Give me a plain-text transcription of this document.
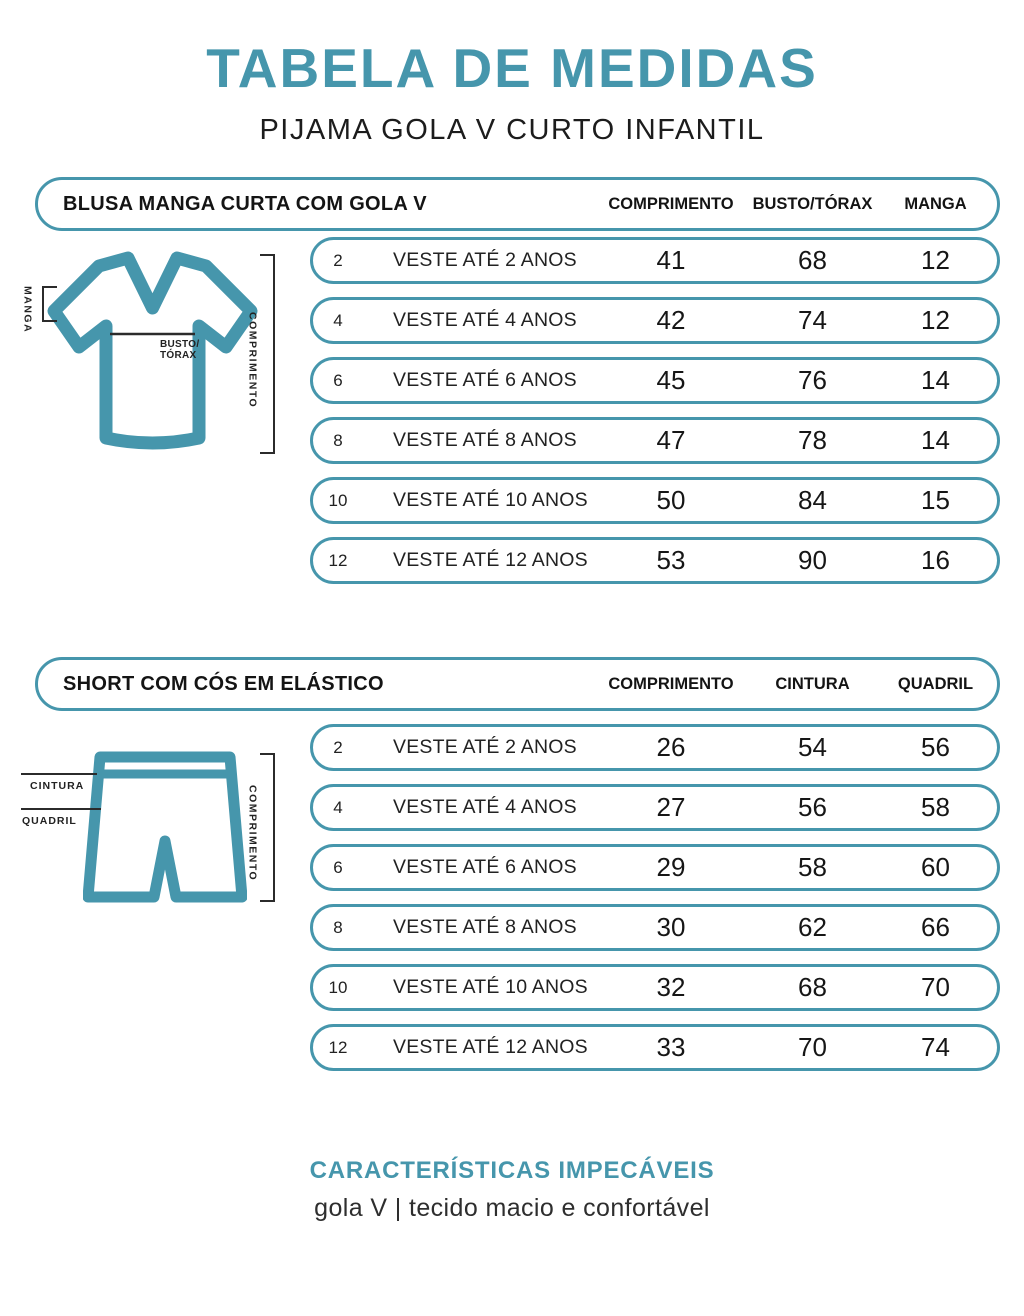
TABELA DE MEDIDAS
PIJAMA GOLA V CURTO INFANTIL
BLUSA MANGA CURTA COM GOLA V	COMPRIMENTO	BUSTO/TÓRAX	MANGA
MANGA
BUSTO/
TÓRAX	COMPRIMENTO
2	VESTE ATÉ 2 ANOS	41	68	12
4	VESTE ATÉ 4 ANOS	42	74	12
6	VESTE ATÉ 6 ANOS	45	76	14
8	VESTE ATÉ 8 ANOS	47	78	14
10	VESTE ATÉ 10 ANOS	50	84	15
12	VESTE ATÉ 12 ANOS	53	90	16
SHORT COM CÓS EM ELÁSTICO	COMPRIMENTO	CINTURA	QUADRIL
CINTURA
QUADRIL	COMPRIMENTO
2	VESTE ATÉ 2 ANOS	26	54	56
4	VESTE ATÉ 4 ANOS	27	56	58
6	VESTE ATÉ 6 ANOS	29	58	60
8	VESTE ATÉ 8 ANOS	30	62	66
10	VESTE ATÉ 10 ANOS	32	68	70
12	VESTE ATÉ 12 ANOS	33	70	74
CARACTERÍSTICAS IMPECÁVEIS
gola V | tecido macio e confortável
